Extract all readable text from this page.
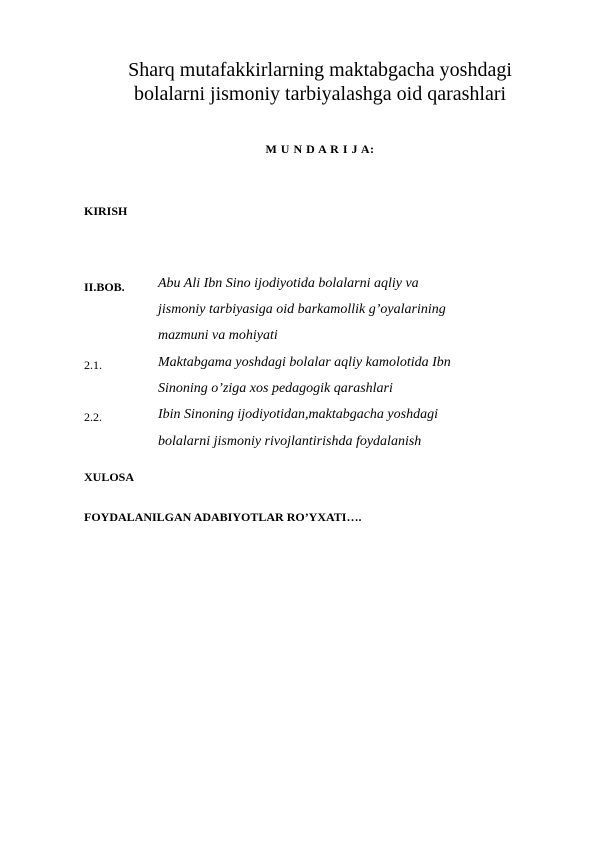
Sharq mutafakkirlarning maktabgacha yoshdagi
bolalarni jismoniy tarbiyalashga oid qarashlari
M U N D A R I J A:
KIRISH
II.BOB. Abu Ali Ibn Sino ijodiyotida bolalarni aqliy va
jismoniy tarbiyasiga oid barkamollik g’oyalarining
mazmuni va mohiyati
2.1.	Maktabgama yoshdagi bolalar aqliy kamolotida Ibn
Sinoning o’ziga xos pedagogik qarashlari
2.2.	Ibin Sinoning ijodiyotidan,maktabgacha yoshdagi
bolalarni jismoniy rivojlantirishda foydalanish
XULOSA
FOYDALANILGAN ADABIYOTLAR RO’YXATI….
